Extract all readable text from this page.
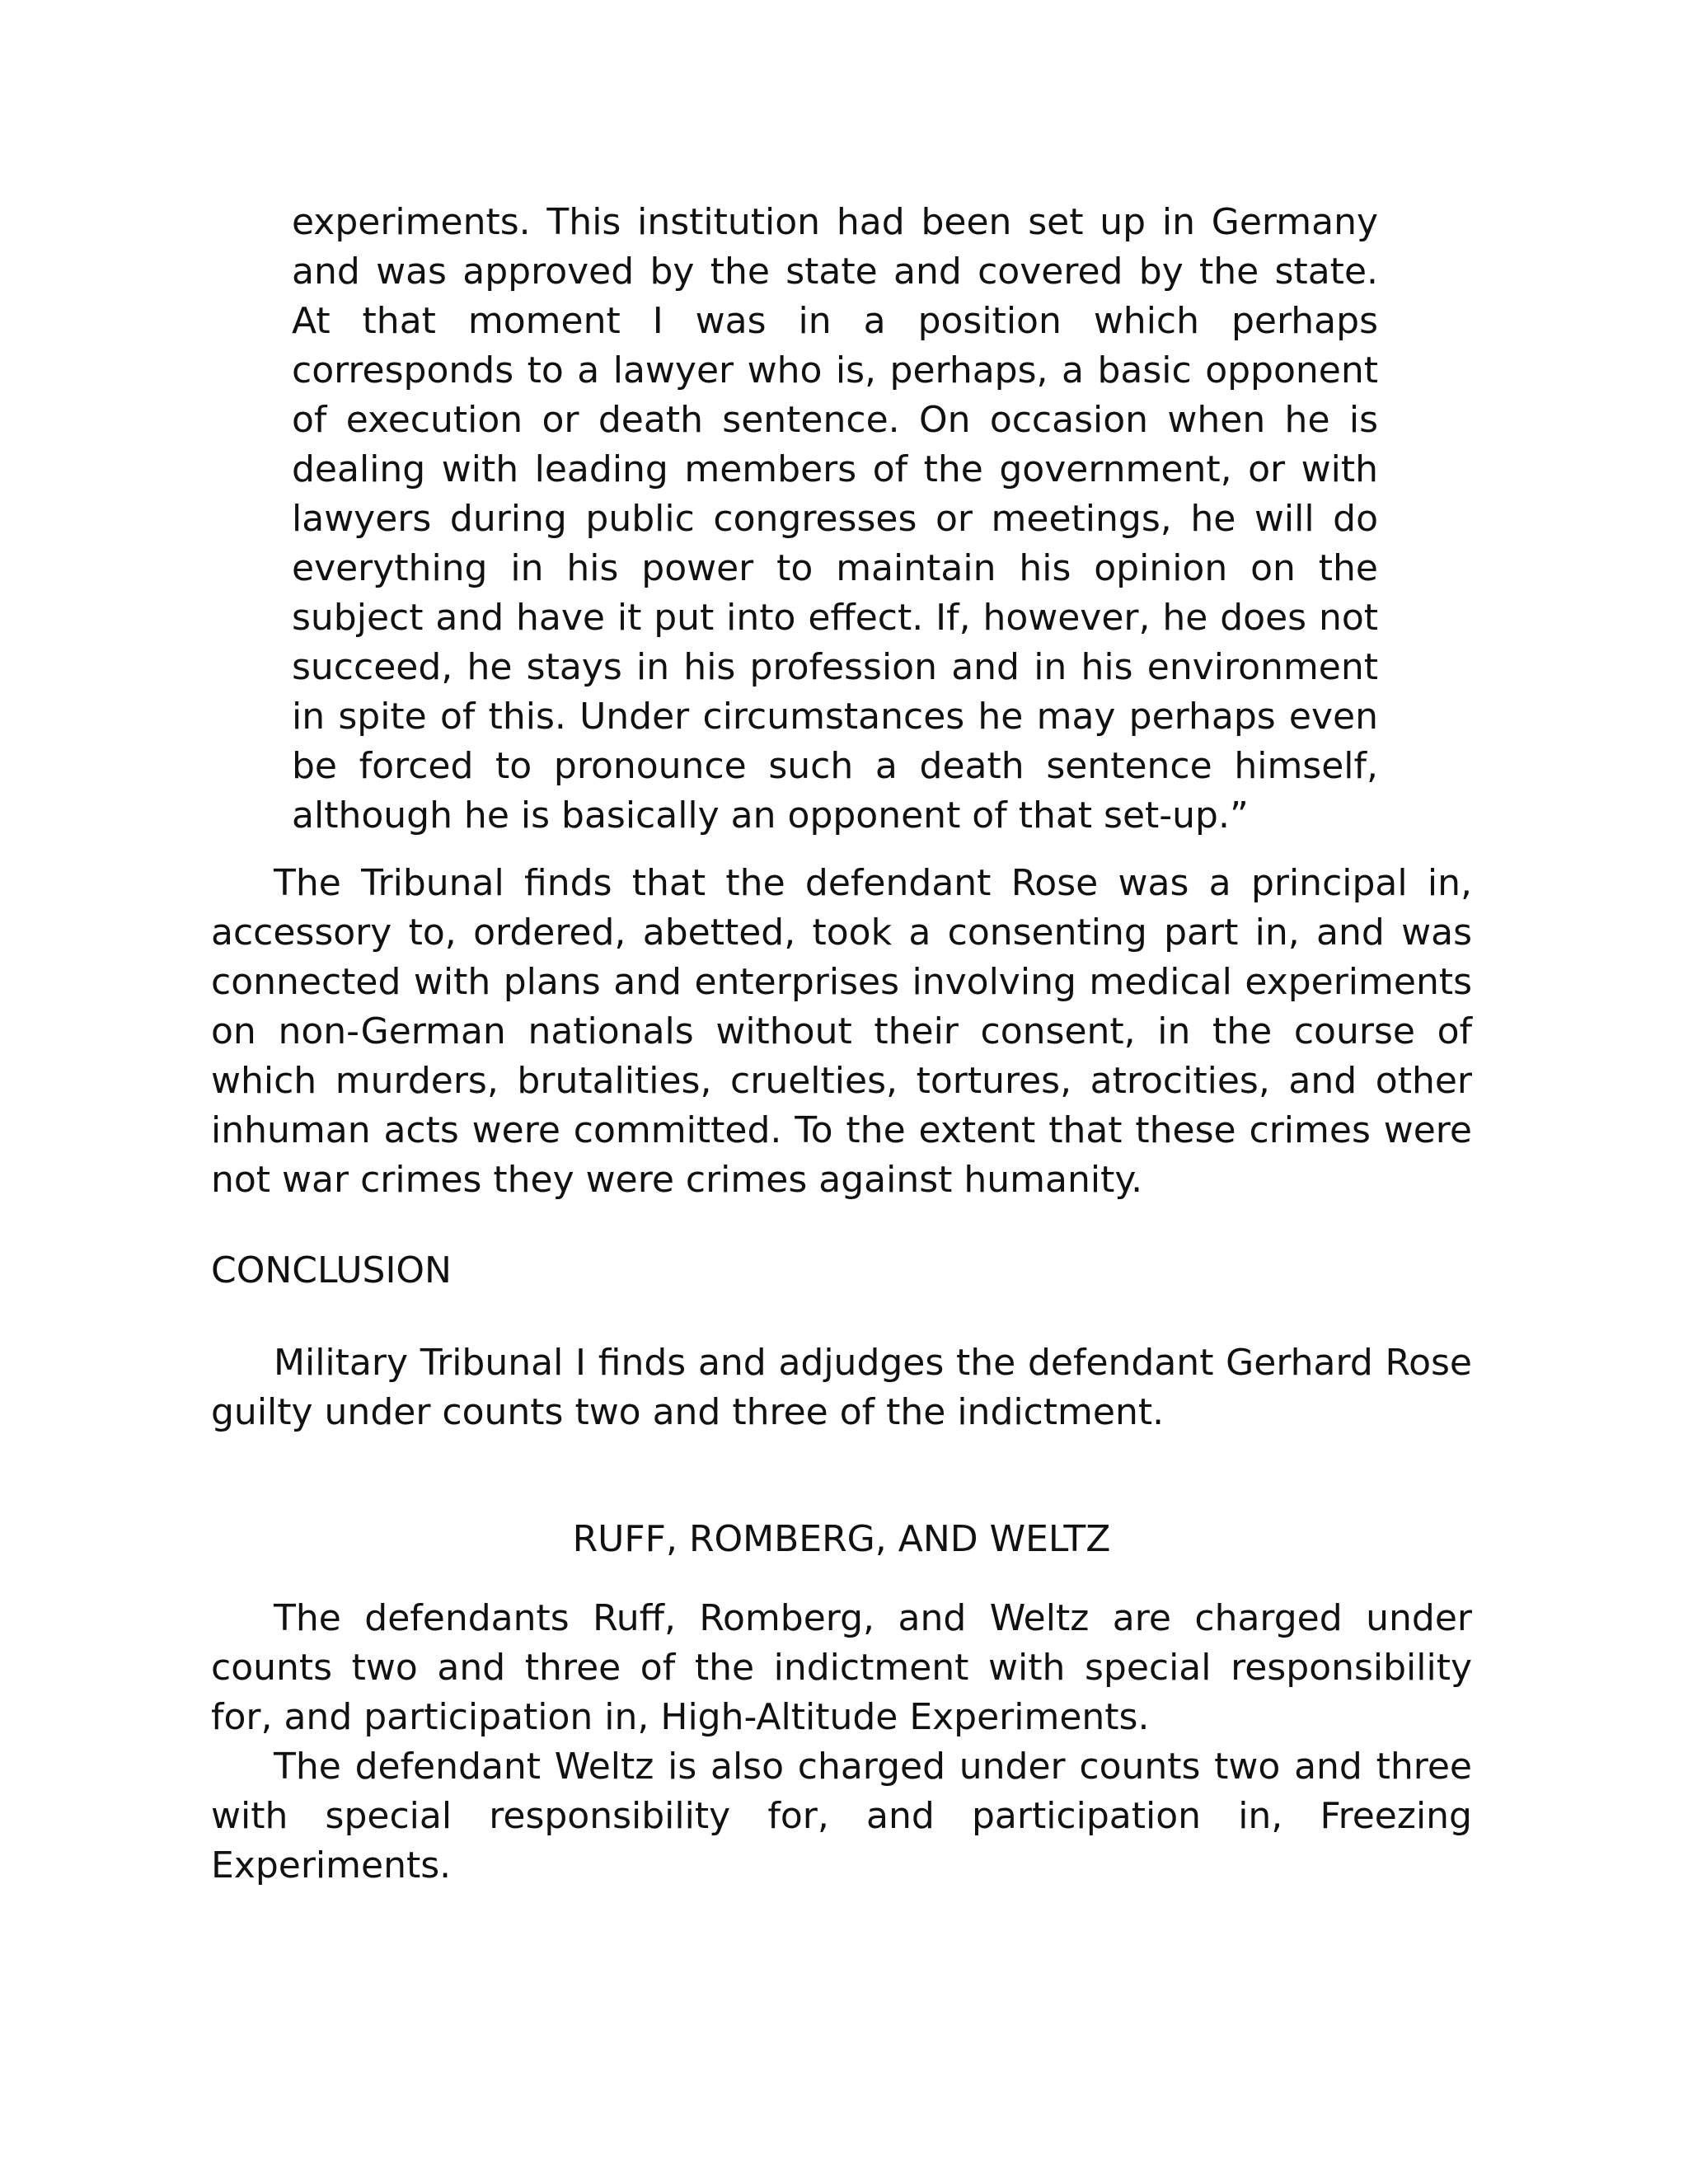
experiments. This institution had been set up in Germany and was approved by the state and covered by the state. At that moment I was in a position which perhaps corresponds to a lawyer who is, perhaps, a basic opponent of execution or death sentence. On occasion when he is dealing with leading members of the government, or with lawyers during public congresses or meetings, he will do everything in his power to maintain his opinion on the subject and have it put into effect. If, however, he does not succeed, he stays in his profession and in his environment in spite of this. Under circumstances he may perhaps even be forced to pronounce such a death sentence himself, although he is basically an opponent of that set-up.”

The Tribunal finds that the defendant Rose was a principal in, accessory to, ordered, abetted, took a consenting part in, and was connected with plans and enterprises involving medical experiments on non-German nationals without their consent, in the course of which murders, brutalities, cruelties, tortures, atrocities, and other inhuman acts were committed. To the extent that these crimes were not war crimes they were crimes against humanity.

CONCLUSION

Military Tribunal I finds and adjudges the defendant Gerhard Rose guilty under counts two and three of the indictment.

RUFF, ROMBERG, AND WELTZ

The defendants Ruff, Romberg, and Weltz are charged under counts two and three of the indictment with special responsibility for, and participation in, High-Altitude Experiments.

The defendant Weltz is also charged under counts two and three with special responsibility for, and participation in, Freezing Experiments.
